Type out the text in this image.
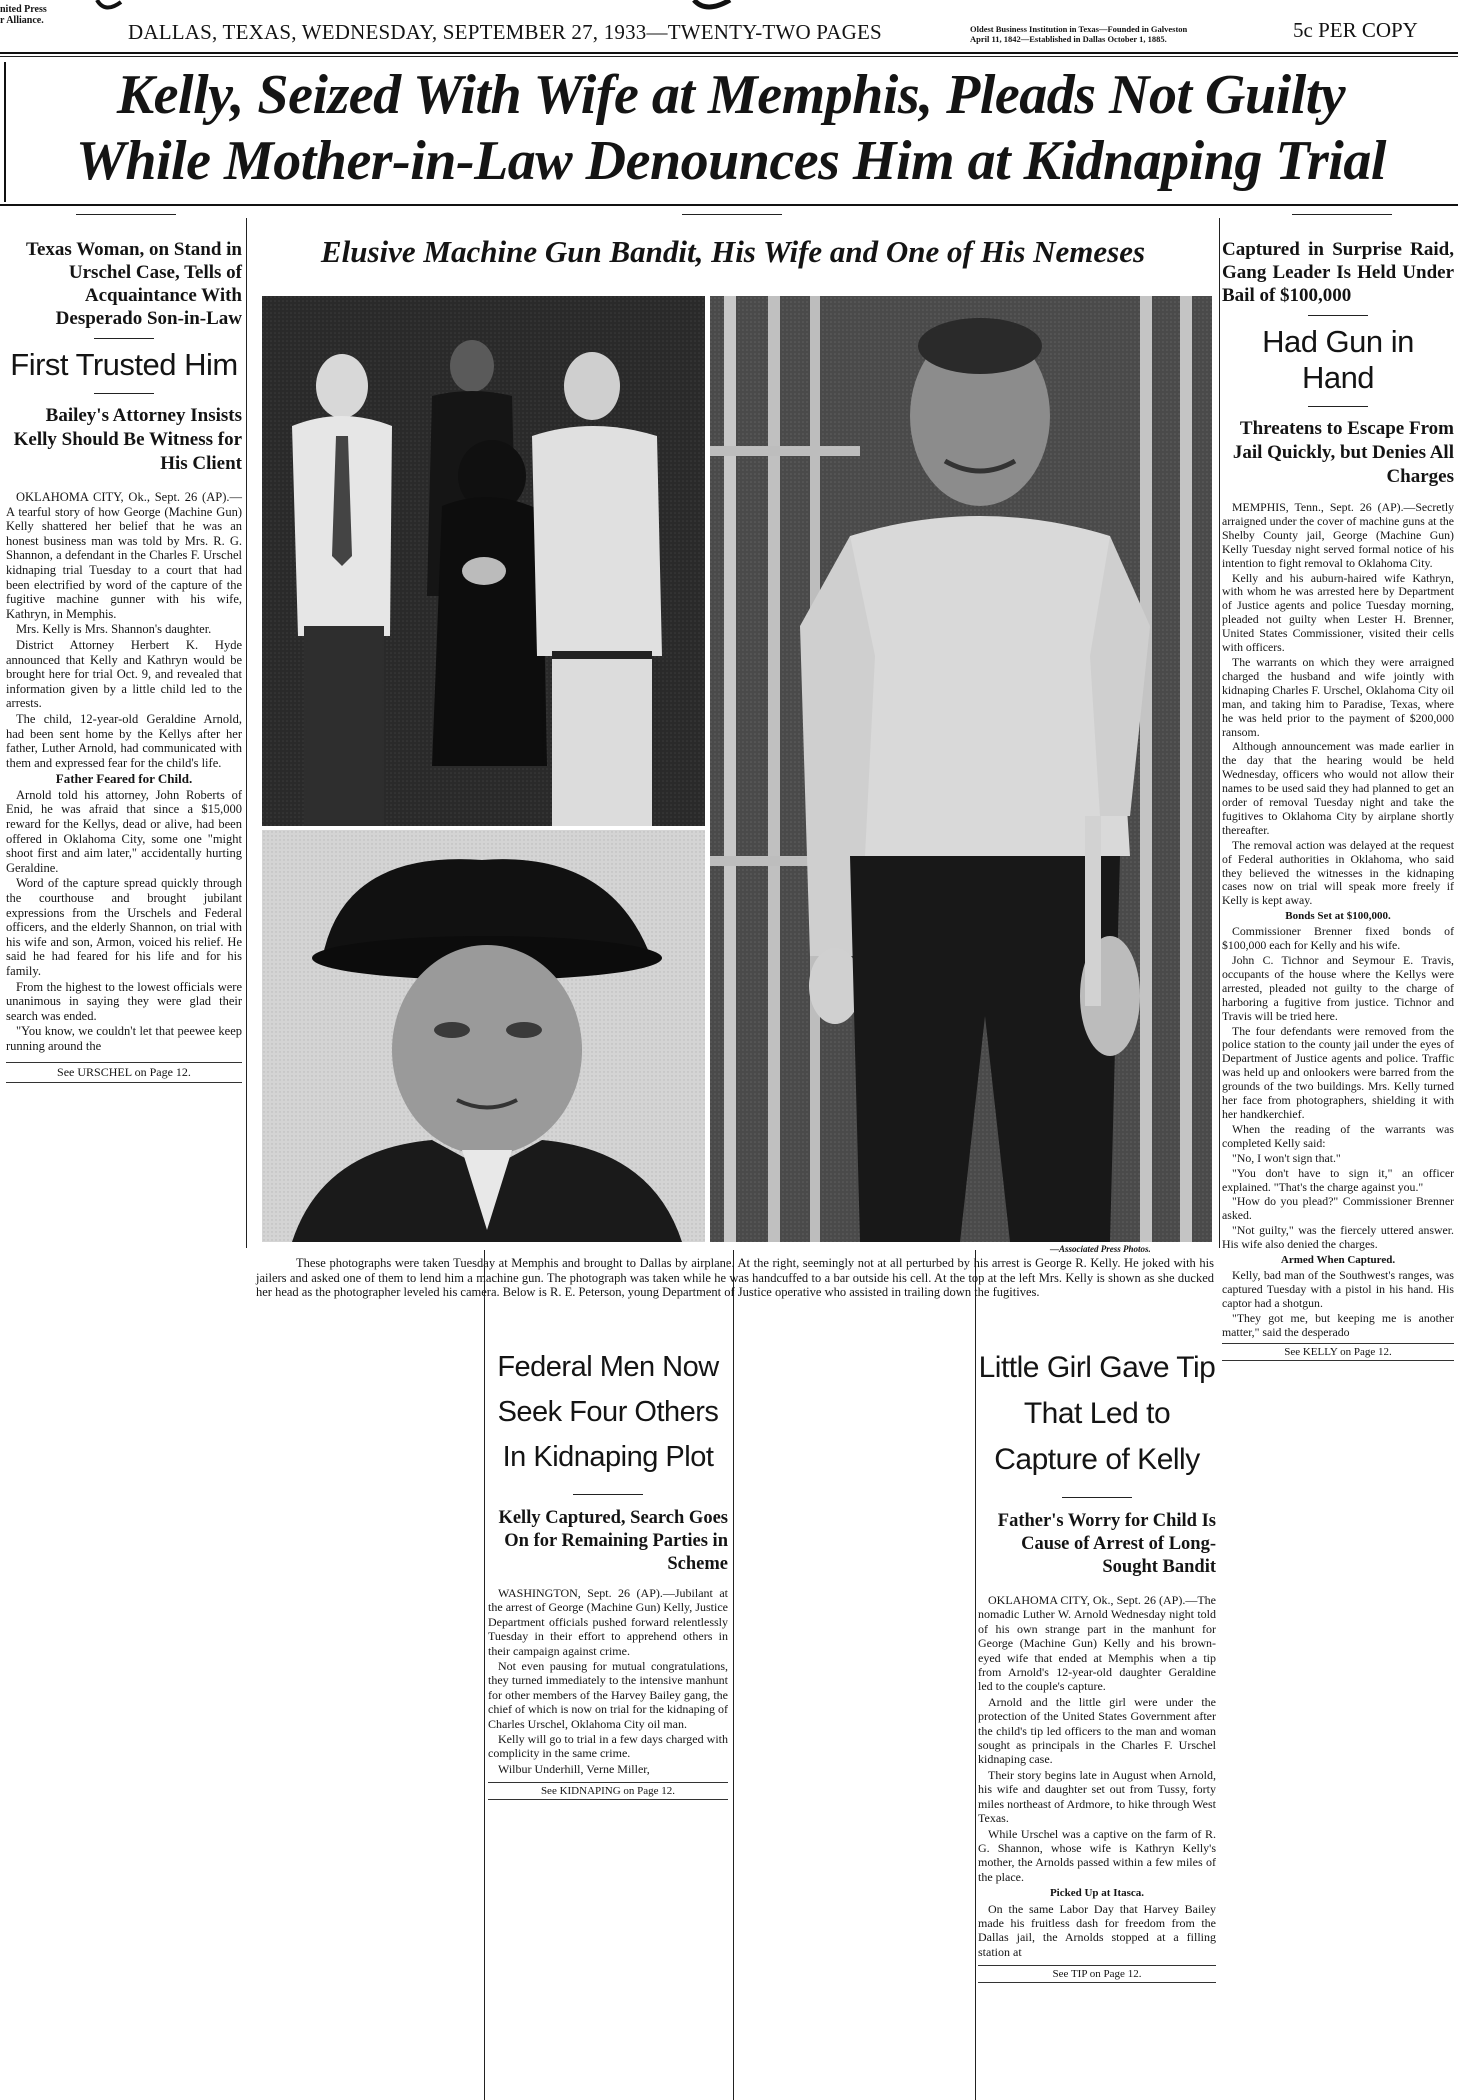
nited Press
r Alliance.	DALLAS, TEXAS, WEDNESDAY, SEPTEMBER 27, 1933—TWENTY-TWO PAGES	Oldest Business Institution in Texas—Founded in Galveston
April 11, 1842—Established in Dallas October 1, 1885.	5c PER COPY
Kelly, Seized With Wife at Memphis, Pleads Not Guilty
While Mother-in-Law Denounces Him at Kidnaping Trial
Texas Woman, on Stand in Urschel Case, Tells of Acquaintance With Desperado Son-in-Law
First Trusted Him
Bailey's Attorney Insists Kelly Should Be Witness for His Client

OKLAHOMA CITY, Ok., Sept. 26 (AP).—A tearful story of how George (Machine Gun) Kelly shattered her belief that he was an honest business man was told by Mrs. R. G. Shannon, a defendant in the Charles F. Urschel kidnaping trial Tuesday to a court that had been electrified by word of the capture of the fugitive machine gunner with his wife, Kathryn, in Memphis.

Mrs. Kelly is Mrs. Shannon's daughter.

District Attorney Herbert K. Hyde announced that Kelly and Kathryn would be brought here for trial Oct. 9, and revealed that information given by a little child led to the arrests.

The child, 12-year-old Geraldine Arnold, had been sent home by the Kellys after her father, Luther Arnold, had communicated with them and expressed fear for the child's life.

Father Feared for Child.

Arnold told his attorney, John Roberts of Enid, he was afraid that since a $15,000 reward for the Kellys, dead or alive, had been offered in Oklahoma City, some one "might shoot first and aim later," accidentally hurting Geraldine.

Word of the capture spread quickly through the courthouse and brought jubilant expressions from the Urschels and Federal officers, and the elderly Shannon, on trial with his wife and son, Armon, voiced his relief. He said he had feared for his life and for his family.

From the highest to the lowest officials were unanimous in saying they were glad their search was ended.

"You know, we couldn't let that peewee keep running around the

See URSCHEL on Page 12.
Elusive Machine Gun Bandit, His Wife and One of His Nemeses
—Associated Press Photos.
These photographs were taken Tuesday at Memphis and brought to Dallas by airplane. At the right, seemingly not at all perturbed by his arrest is George R. Kelly. He joked with his jailers and asked one of them to lend him a machine gun. The photograph was taken while he was handcuffed to a bar outside his cell. At the top at the left Mrs. Kelly is shown as she ducked her head as the photographer leveled his camera. Below is R. E. Peterson, young Department of Justice operative who assisted in trailing down the fugitives.
Captured in Surprise Raid, Gang Leader Is Held Under Bail of $100,000
Had Gun in Hand
Threatens to Escape From Jail Quickly, but Denies All Charges

MEMPHIS, Tenn., Sept. 26 (AP).—Secretly arraigned under the cover of machine guns at the Shelby County jail, George (Machine Gun) Kelly Tuesday night served formal notice of his intention to fight removal to Oklahoma City.

Kelly and his auburn-haired wife Kathryn, with whom he was arrested here by Department of Justice agents and police Tuesday morning, pleaded not guilty when Lester H. Brenner, United States Commissioner, visited their cells with officers.

The warrants on which they were arraigned charged the husband and wife jointly with kidnaping Charles F. Urschel, Oklahoma City oil man, and taking him to Paradise, Texas, where he was held prior to the payment of $200,000 ransom.

Although announcement was made earlier in the day that the hearing would be held Wednesday, officers who would not allow their names to be used said they had planned to get an order of removal Tuesday night and take the fugitives to Oklahoma City by airplane shortly thereafter.

The removal action was delayed at the request of Federal authorities in Oklahoma, who said they believed the witnesses in the kidnaping cases now on trial will speak more freely if Kelly is kept away.

Bonds Set at $100,000.

Commissioner Brenner fixed bonds of $100,000 each for Kelly and his wife.

John C. Tichnor and Seymour E. Travis, occupants of the house where the Kellys were arrested, pleaded not guilty to the charge of harboring a fugitive from justice. Tichnor and Travis will be tried here.

The four defendants were removed from the police station to the county jail under the eyes of Department of Justice agents and police. Traffic was held up and onlookers were barred from the grounds of the two buildings. Mrs. Kelly turned her face from photographers, shielding it with her handkerchief.

When the reading of the warrants was completed Kelly said:

"No, I won't sign that."

"You don't have to sign it," an officer explained. "That's the charge against you."

"How do you plead?" Commissioner Brenner asked.

"Not guilty," was the fiercely uttered answer. His wife also denied the charges.

Armed When Captured.

Kelly, bad man of the Southwest's ranges, was captured Tuesday with a pistol in his hand. His captor had a shotgun.

"They got me, but keeping me is another matter," said the desperado

See KELLY on Page 12.
Federal Men Now Seek Four Others In Kidnaping Plot
Kelly Captured, Search Goes On for Remaining Parties in Scheme

WASHINGTON, Sept. 26 (AP).—Jubilant at the arrest of George (Machine Gun) Kelly, Justice Department officials pushed forward relentlessly Tuesday in their effort to apprehend others in their campaign against crime.

Not even pausing for mutual congratulations, they turned immediately to the intensive manhunt for other members of the Harvey Bailey gang, the chief of which is now on trial for the kidnaping of Charles Urschel, Oklahoma City oil man.

Kelly will go to trial in a few days charged with complicity in the same crime.

Wilbur Underhill, Verne Miller,

See KIDNAPING on Page 12.
Little Girl Gave Tip That Led to Capture of Kelly
Father's Worry for Child Is Cause of Arrest of Long-Sought Bandit

OKLAHOMA CITY, Ok., Sept. 26 (AP).—The nomadic Luther W. Arnold Wednesday night told of his own strange part in the manhunt for George (Machine Gun) Kelly and his brown-eyed wife that ended at Memphis when a tip from Arnold's 12-year-old daughter Geraldine led to the couple's capture.

Arnold and the little girl were under the protection of the United States Government after the child's tip led officers to the man and woman sought as principals in the Charles F. Urschel kidnaping case.

Their story begins late in August when Arnold, his wife and daughter set out from Tussy, forty miles northeast of Ardmore, to hike through West Texas.

While Urschel was a captive on the farm of R. G. Shannon, whose wife is Kathryn Kelly's mother, the Arnolds passed within a few miles of the place.

Picked Up at Itasca.

On the same Labor Day that Harvey Bailey made his fruitless dash for freedom from the Dallas jail, the Arnolds stopped at a filling station at

See TIP on Page 12.
